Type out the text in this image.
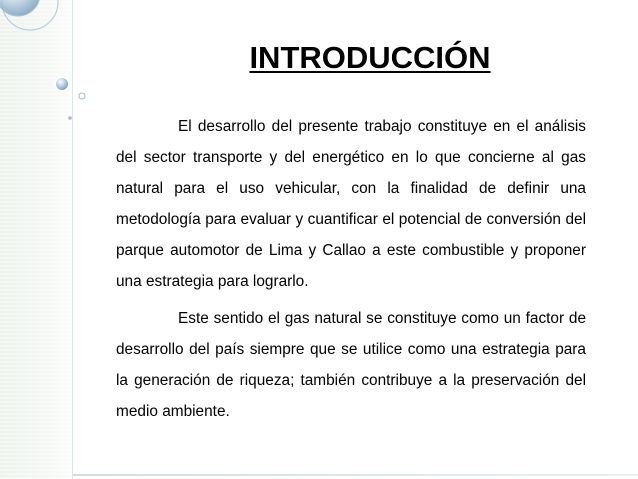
INTRODUCCIÓN

El desarrollo del presente trabajo constituye en el análisis del sector transporte y del energético en lo que concierne al gas natural para el uso vehicular, con la finalidad de definir una metodología para evaluar y cuantificar el potencial de conversión del parque automotor de Lima y Callao a este combustible y proponer una estrategia para lograrlo.

Este sentido el gas natural se constituye como un factor de desarrollo del país siempre que se utilice como una estrategia para la generación de riqueza; también contribuye a la preservación del medio ambiente.
